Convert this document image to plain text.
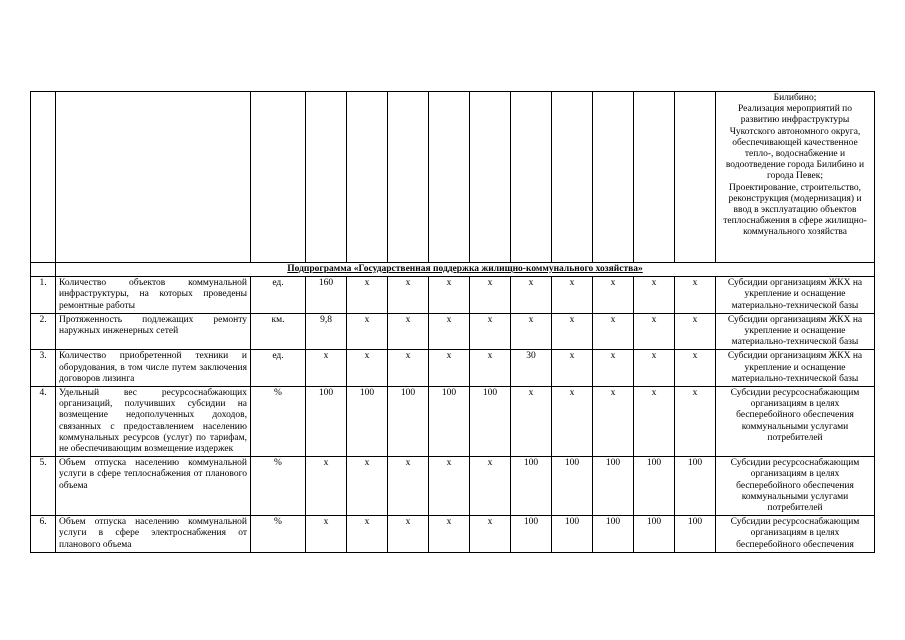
													Билибино;
Реализация мероприятий по развитию инфраструктуры Чукотского автономного округа, обеспечивающей качественное тепло-, водоснабжение и водоотведение города Билибино и города Певек;
Проектирование, строительство, реконструкция (модернизация) и ввод в эксплуатацию объектов теплоснабжения в сфере жилищно-коммунального хозяйства
	Подпрограмма «Государственная поддержка жилищно-коммунального хозяйства»												
1.	Количество объектов коммунальной инфраструктуры, на которых проведены ремонтные работы	ед.	160	x	x	x	x	x	x	x	x	x	Субсидии организациям ЖКХ на укрепление и оснащение материально-технической базы
2.	Протяженность подлежащих ремонту наружных инженерных сетей	км.	9,8	x	x	x	x	x	x	x	x	x	Субсидии организациям ЖКХ на укрепление и оснащение материально-технической базы
3.	Количество приобретенной техники и оборудования, в том числе путем заключения договоров лизинга	ед.	x	x	x	x	x	30	x	x	x	x	Субсидии организациям ЖКХ на укрепление и оснащение материально-технической базы
4.	Удельный вес ресурсоснабжающих организаций, получивших субсидии на возмещение недополученных доходов, связанных с предоставлением населению коммунальных ресурсов (услуг) по тарифам, не обеспечивающим возмещение издержек	%	100	100	100	100	100	x	x	x	x	x	Субсидии ресурсоснабжающим организациям в целях бесперебойного обеспечения коммунальными услугами потребителей
5.	Объем отпуска населению коммунальной услуги в сфере теплоснабжения от планового объема	%	x	x	x	x	x	100	100	100	100	100	Субсидии ресурсоснабжающим организациям в целях бесперебойного обеспечения коммунальными услугами потребителей
6.	Объем отпуска населению коммунальной услуги в сфере электроснабжения от планового объема	%	x	x	x	x	x	100	100	100	100	100	Субсидии ресурсоснабжающим организациям в целях бесперебойного обеспечения
